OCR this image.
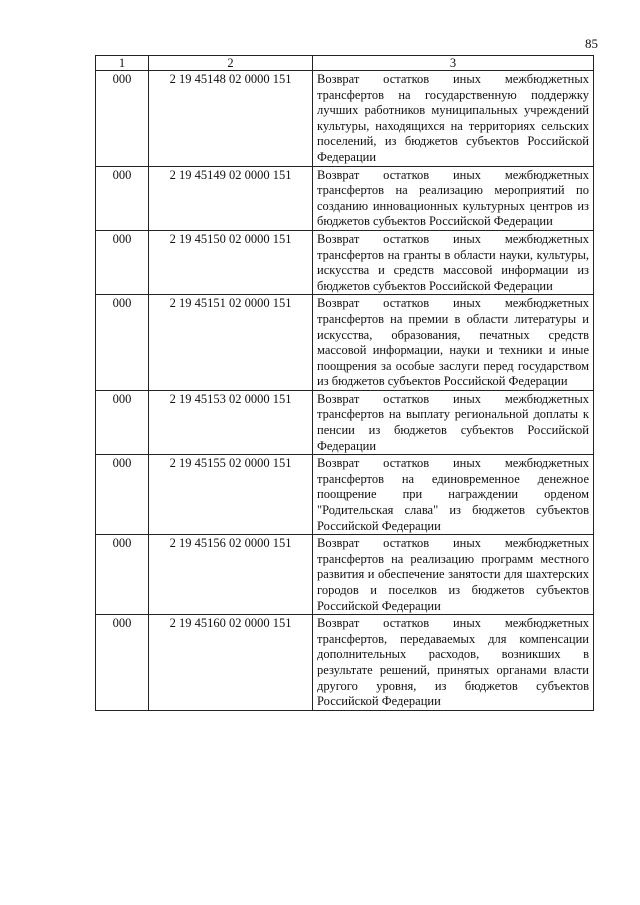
85
1	2	3
000	2 19 45148 02 0000 151	Возврат остатков иных межбюджетных трансфертов на государственную поддержку лучших работников муниципальных учреждений культуры, находящихся на территориях сельских поселений, из бюджетов субъектов Российской Федерации
000	2 19 45149 02 0000 151	Возврат остатков иных межбюджетных трансфертов на реализацию мероприятий по созданию инновационных культурных центров из бюджетов субъектов Российской Федерации
000	2 19 45150 02 0000 151	Возврат остатков иных межбюджетных трансфертов на гранты в области науки, культуры, искусства и средств массовой информации из бюджетов субъектов Российской Федерации
000	2 19 45151 02 0000 151	Возврат остатков иных межбюджетных трансфертов на премии в области литературы и искусства, образования, печатных средств массовой информации, науки и техники и иные поощрения за особые заслуги перед государством из бюджетов субъектов Российской Федерации
000	2 19 45153 02 0000 151	Возврат остатков иных межбюджетных трансфертов на выплату региональной доплаты к пенсии из бюджетов субъектов Российской Федерации
000	2 19 45155 02 0000 151	Возврат остатков иных межбюджетных трансфертов на единовременное денежное поощрение при награждении орденом "Родительская слава" из бюджетов субъектов Российской Федерации
000	2 19 45156 02 0000 151	Возврат остатков иных межбюджетных трансфертов на реализацию программ местного развития и обеспечение занятости для шахтерских городов и поселков из бюджетов субъектов Российской Федерации
000	2 19 45160 02 0000 151	Возврат остатков иных межбюджетных трансфертов, передаваемых для компенсации дополнительных расходов, возникших в результате решений, принятых органами власти другого уровня, из бюджетов субъектов Российской Федерации
